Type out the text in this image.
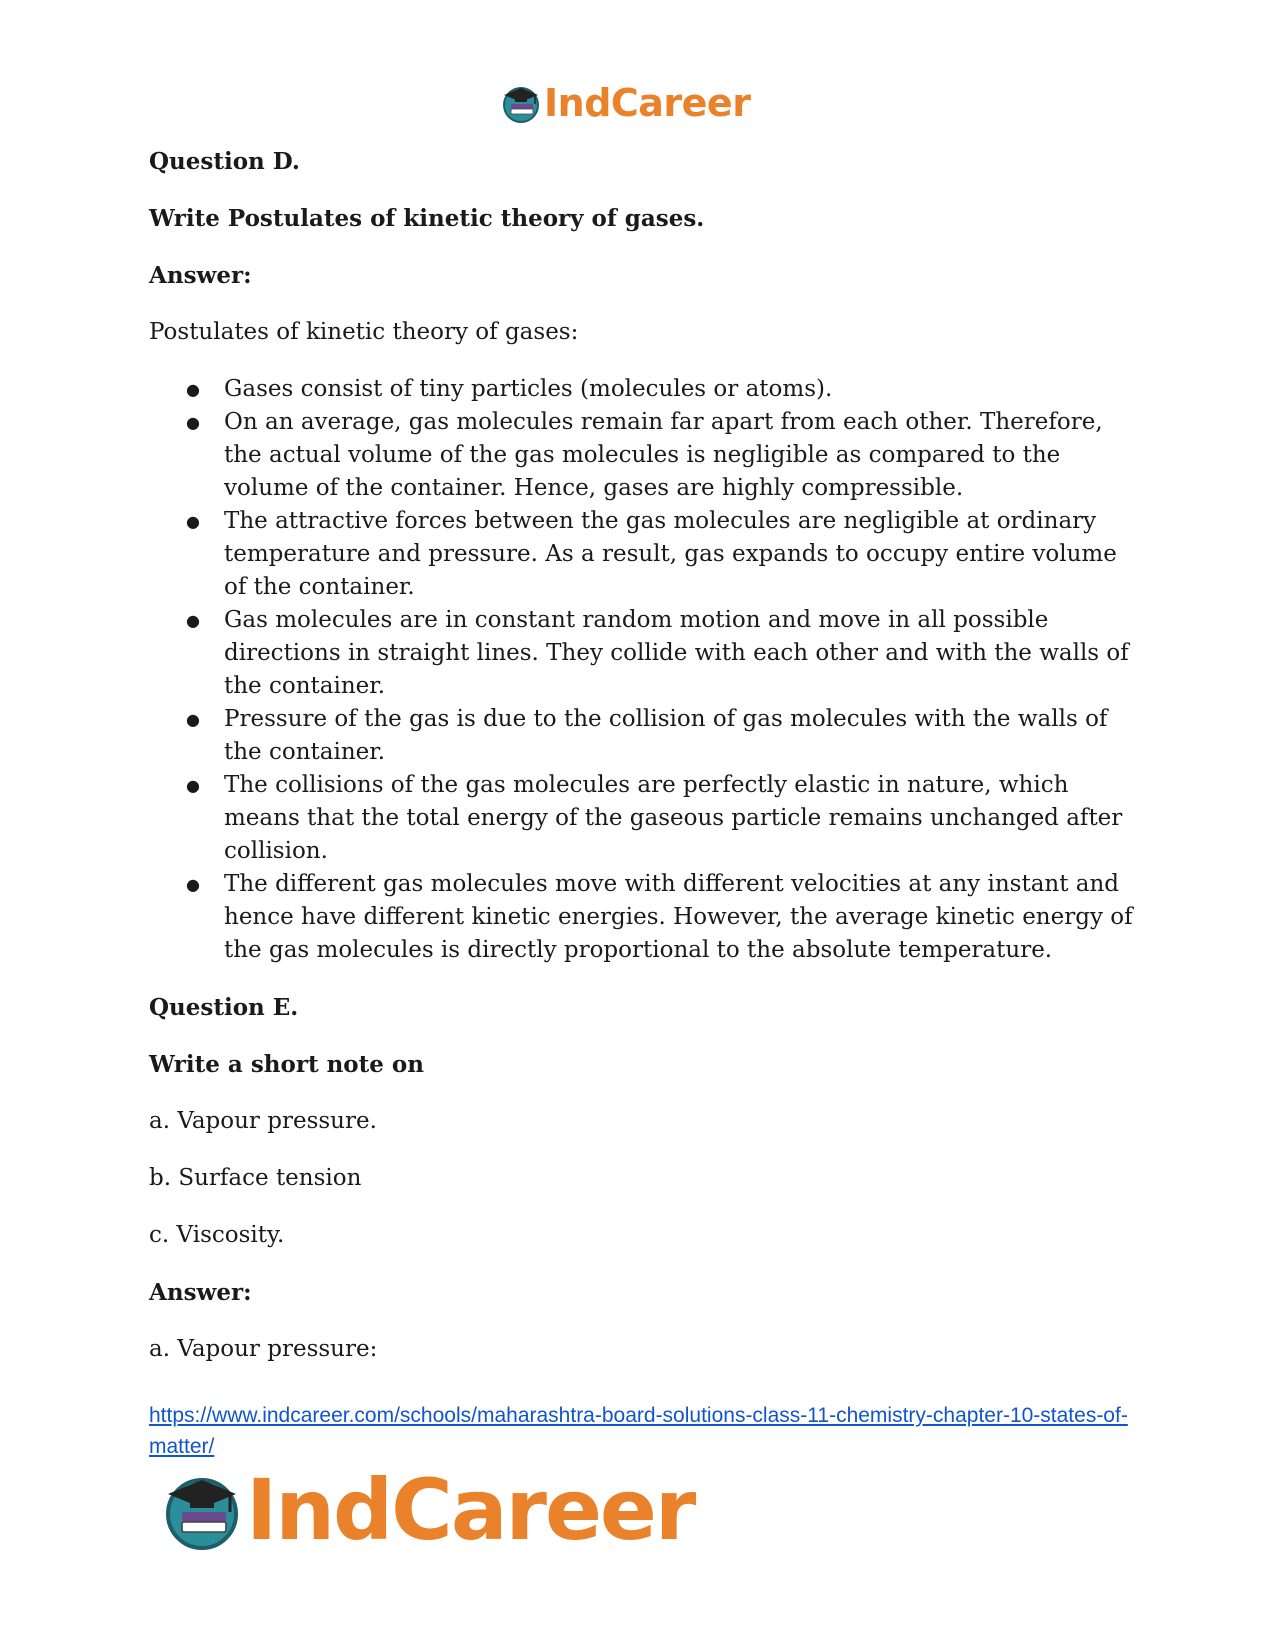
IndCareer

Question D.

Write Postulates of kinetic theory of gases.

Answer:

Postulates of kinetic theory of gases:

● Gases consist of tiny particles (molecules or atoms).
● On an average, gas molecules remain far apart from each other. Therefore, the actual volume of the gas molecules is negligible as compared to the volume of the container. Hence, gases are highly compressible.
● The attractive forces between the gas molecules are negligible at ordinary temperature and pressure. As a result, gas expands to occupy entire volume of the container.
● Gas molecules are in constant random motion and move in all possible directions in straight lines. They collide with each other and with the walls of the container.
● Pressure of the gas is due to the collision of gas molecules with the walls of the container.
● The collisions of the gas molecules are perfectly elastic in nature, which means that the total energy of the gaseous particle remains unchanged after collision.
● The different gas molecules move with different velocities at any instant and hence have different kinetic energies. However, the average kinetic energy of the gas molecules is directly proportional to the absolute temperature.

Question E.

Write a short note on

a. Vapour pressure.

b. Surface tension

c. Viscosity.

Answer:

a. Vapour pressure:

https://www.indcareer.com/schools/maharashtra-board-solutions-class-11-chemistry-chapter-10-states-of-matter/
IndCareer
